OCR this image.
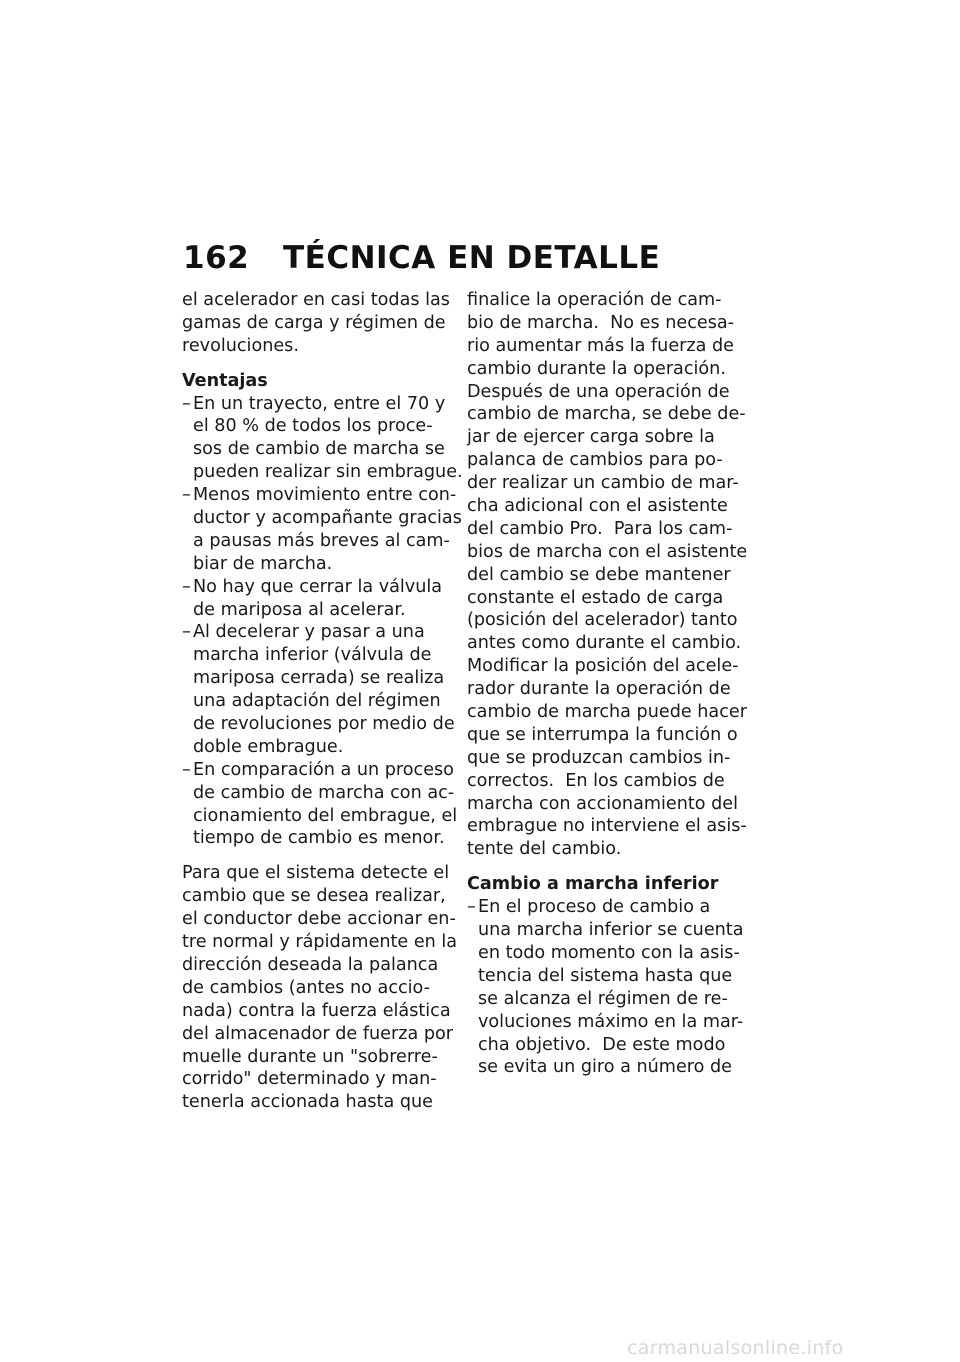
162 TÉCNICA EN DETALLE
el acelerador en casi todas las
gamas de carga y régimen de
revoluciones.
Ventajas
– En un trayecto, entre el 70 y
el 80 % de todos los proce-
sos de cambio de marcha se
pueden realizar sin embrague.
– Menos movimiento entre con-
ductor y acompañante gracias
a pausas más breves al cam-
biar de marcha.
– No hay que cerrar la válvula
de mariposa al acelerar.
– Al decelerar y pasar a una
marcha inferior (válvula de
mariposa cerrada) se realiza
una adaptación del régimen
de revoluciones por medio de
doble embrague.
– En comparación a un proceso
de cambio de marcha con ac-
cionamiento del embrague, el
tiempo de cambio es menor.
Para que el sistema detecte el
cambio que se desea realizar,
el conductor debe accionar en-
tre normal y rápidamente en la
dirección deseada la palanca
de cambios (antes no accio-
nada) contra la fuerza elástica
del almacenador de fuerza por
muelle durante un "sobrerre-
corrido" determinado y man-
tenerla accionada hasta que
finalice la operación de cam-
bio de marcha.  No es necesa-
rio aumentar más la fuerza de
cambio durante la operación.
Después de una operación de
cambio de marcha, se debe de-
jar de ejercer carga sobre la
palanca de cambios para po-
der realizar un cambio de mar-
cha adicional con el asistente
del cambio Pro.  Para los cam-
bios de marcha con el asistente
del cambio se debe mantener
constante el estado de carga
(posición del acelerador) tanto
antes como durante el cambio.
Modificar la posición del acele-
rador durante la operación de
cambio de marcha puede hacer
que se interrumpa la función o
que se produzcan cambios in-
correctos.  En los cambios de
marcha con accionamiento del
embrague no interviene el asis-
tente del cambio.
Cambio a marcha inferior
– En el proceso de cambio a
una marcha inferior se cuenta
en todo momento con la asis-
tencia del sistema hasta que
se alcanza el régimen de re-
voluciones máximo en la mar-
cha objetivo.  De este modo
se evita un giro a número de
carmanualsonline.info
